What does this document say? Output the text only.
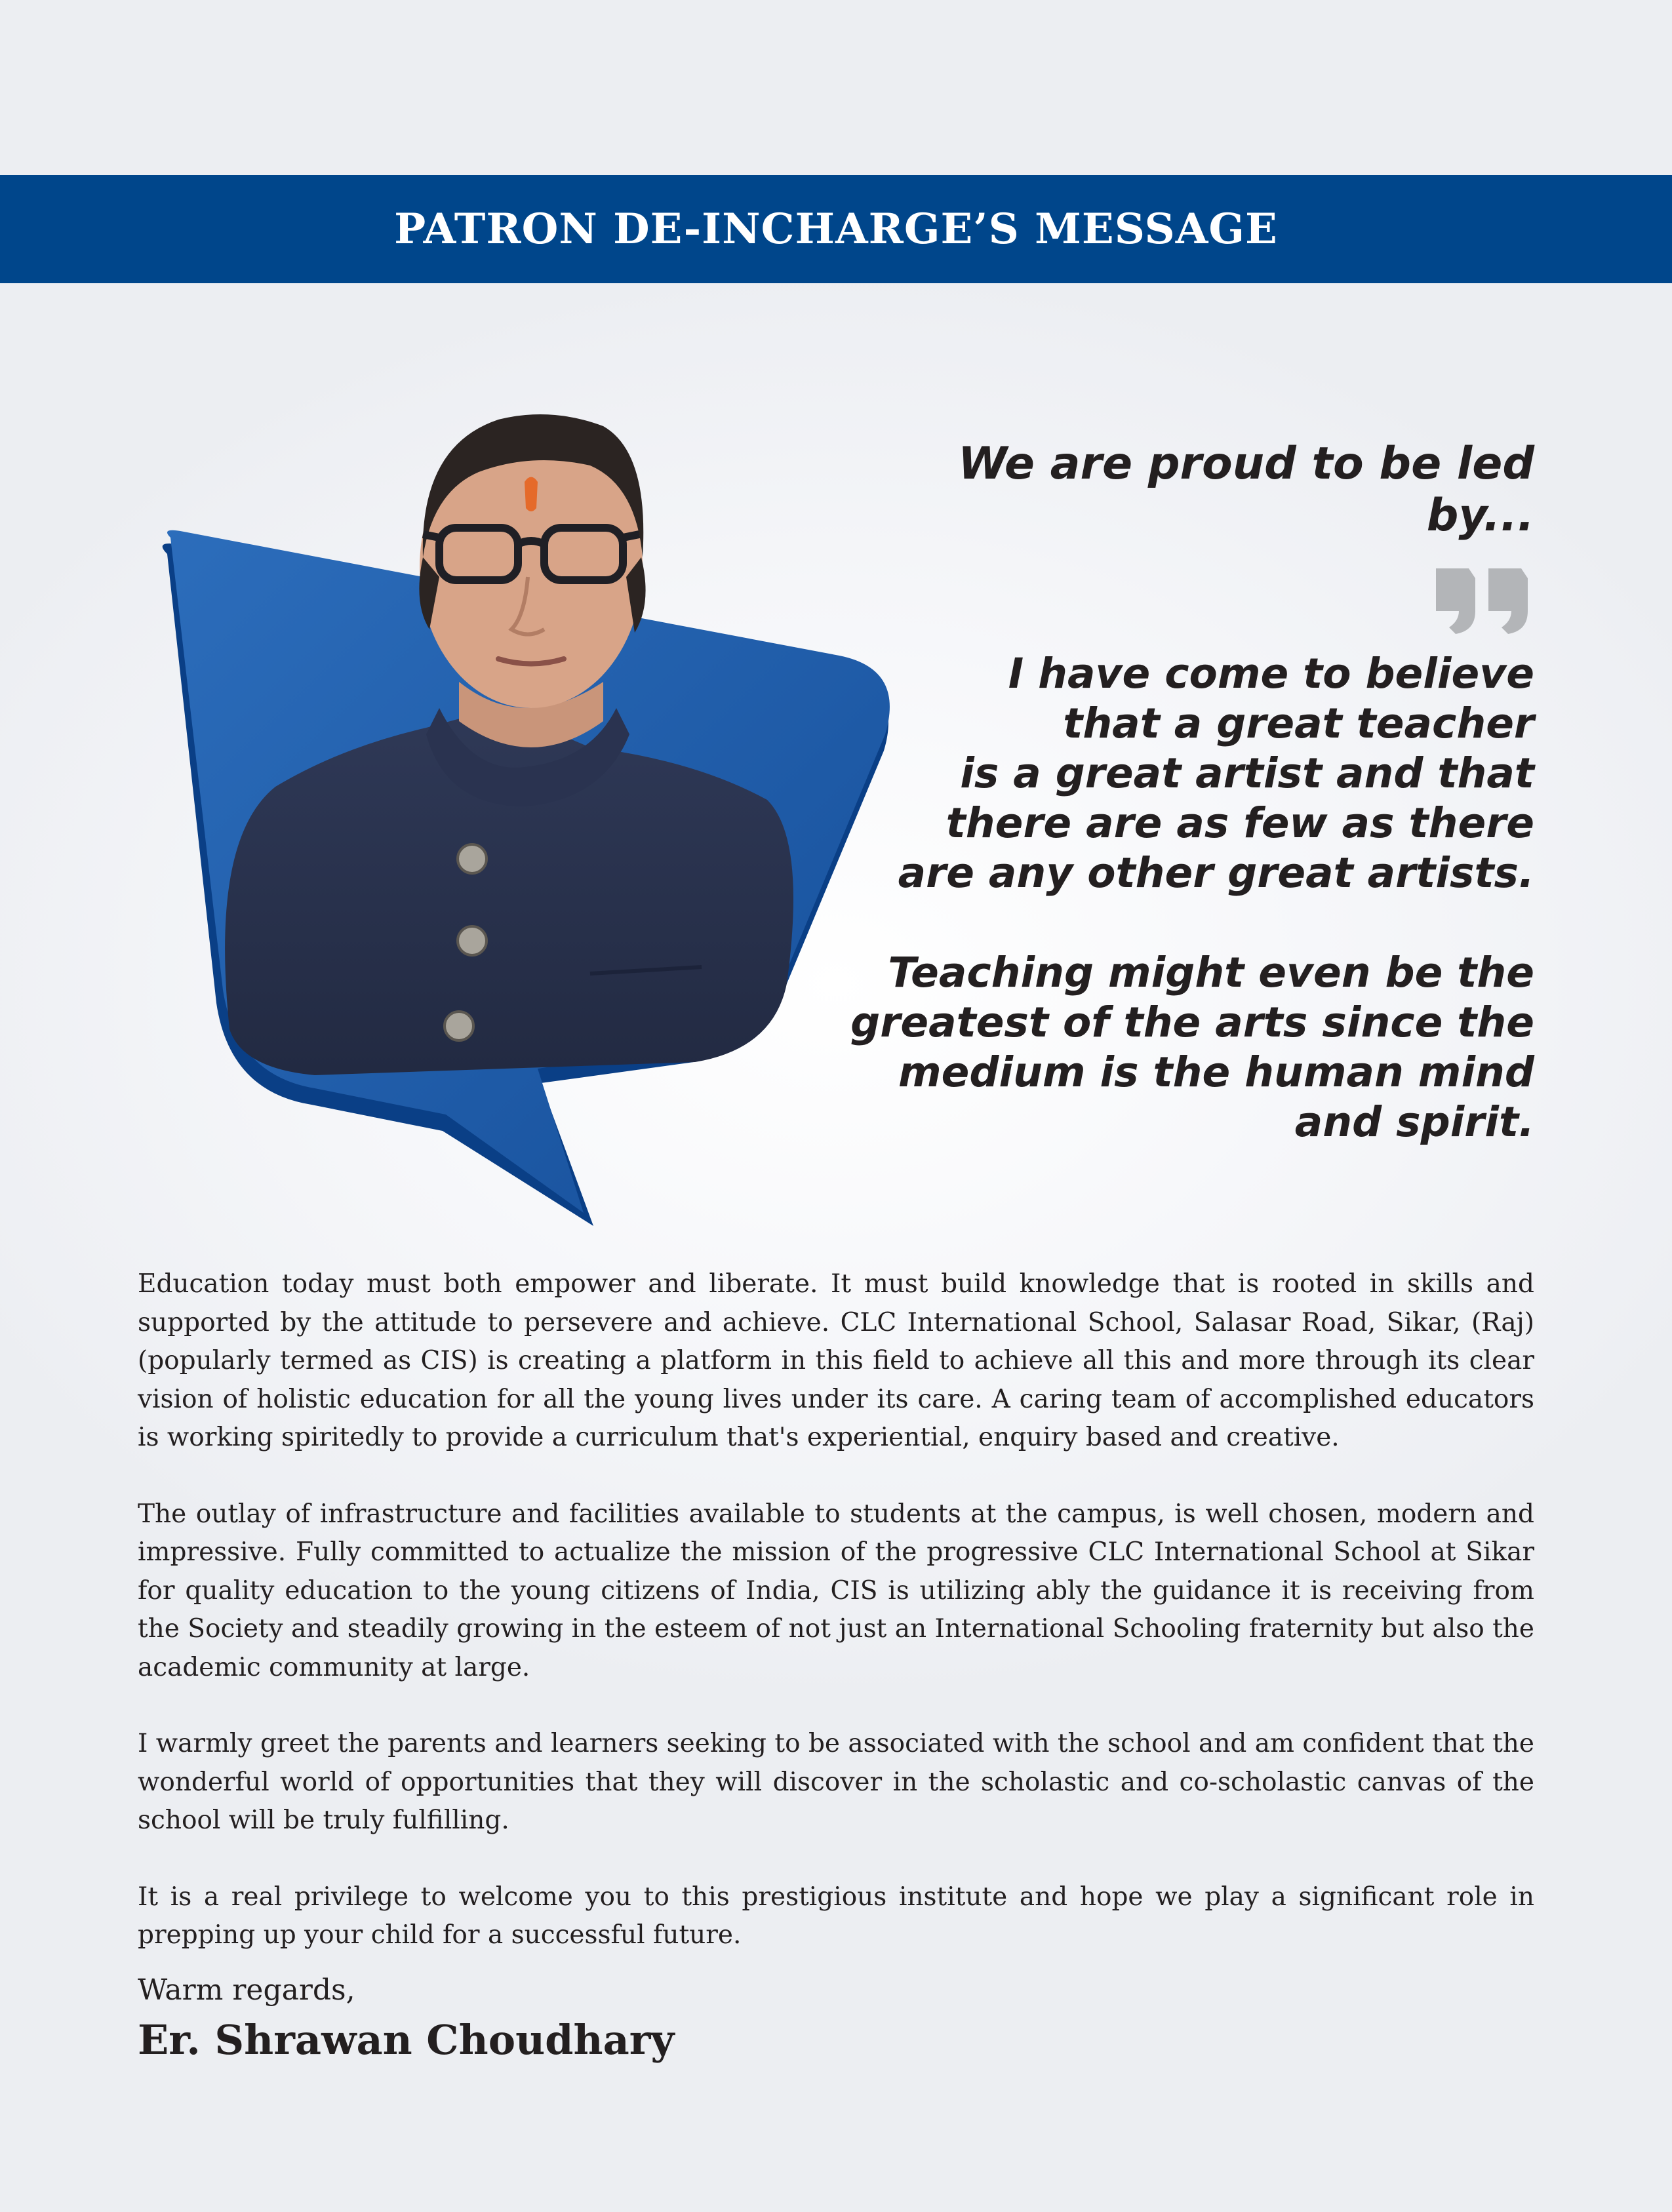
PATRON DE-INCHARGE’S MESSAGE
We are proud to be led by...

I have come to believe
that a great teacher
is a great artist and that
there are as few as there
are any other great artists.

Teaching might even be the
greatest of the arts since the
medium is the human mind
and spirit.

Education today must both empower and liberate. It must build knowledge that is rooted in skills and supported by the attitude to persevere and achieve. CLC International School, Salasar Road, Sikar, (Raj) (popularly termed as CIS) is creating a platform in this field to achieve all this and more through its clear vision of holistic education for all the young lives under its care. A caring team of accomplished educators is working spiritedly to provide a curriculum that's experiential, enquiry based and creative.

The outlay of infrastructure and facilities available to students at the campus, is well chosen, modern and impressive. Fully committed to actualize the mission of the progressive CLC International School at Sikar for quality education to the young citizens of India, CIS is utilizing ably the guidance it is receiving from the Society and steadily growing in the esteem of not just an International Schooling fraternity but also the academic community at large.

I warmly greet the parents and learners seeking to be associated with the school and am confident that the wonderful world of opportunities that they will discover in the scholastic and co-scholastic canvas of the school will be truly fulfilling.

It is a real privilege to welcome you to this prestigious institute and hope we play a significant role in prepping up your child for a successful future.

Warm regards,
Er. Shrawan Choudhary
